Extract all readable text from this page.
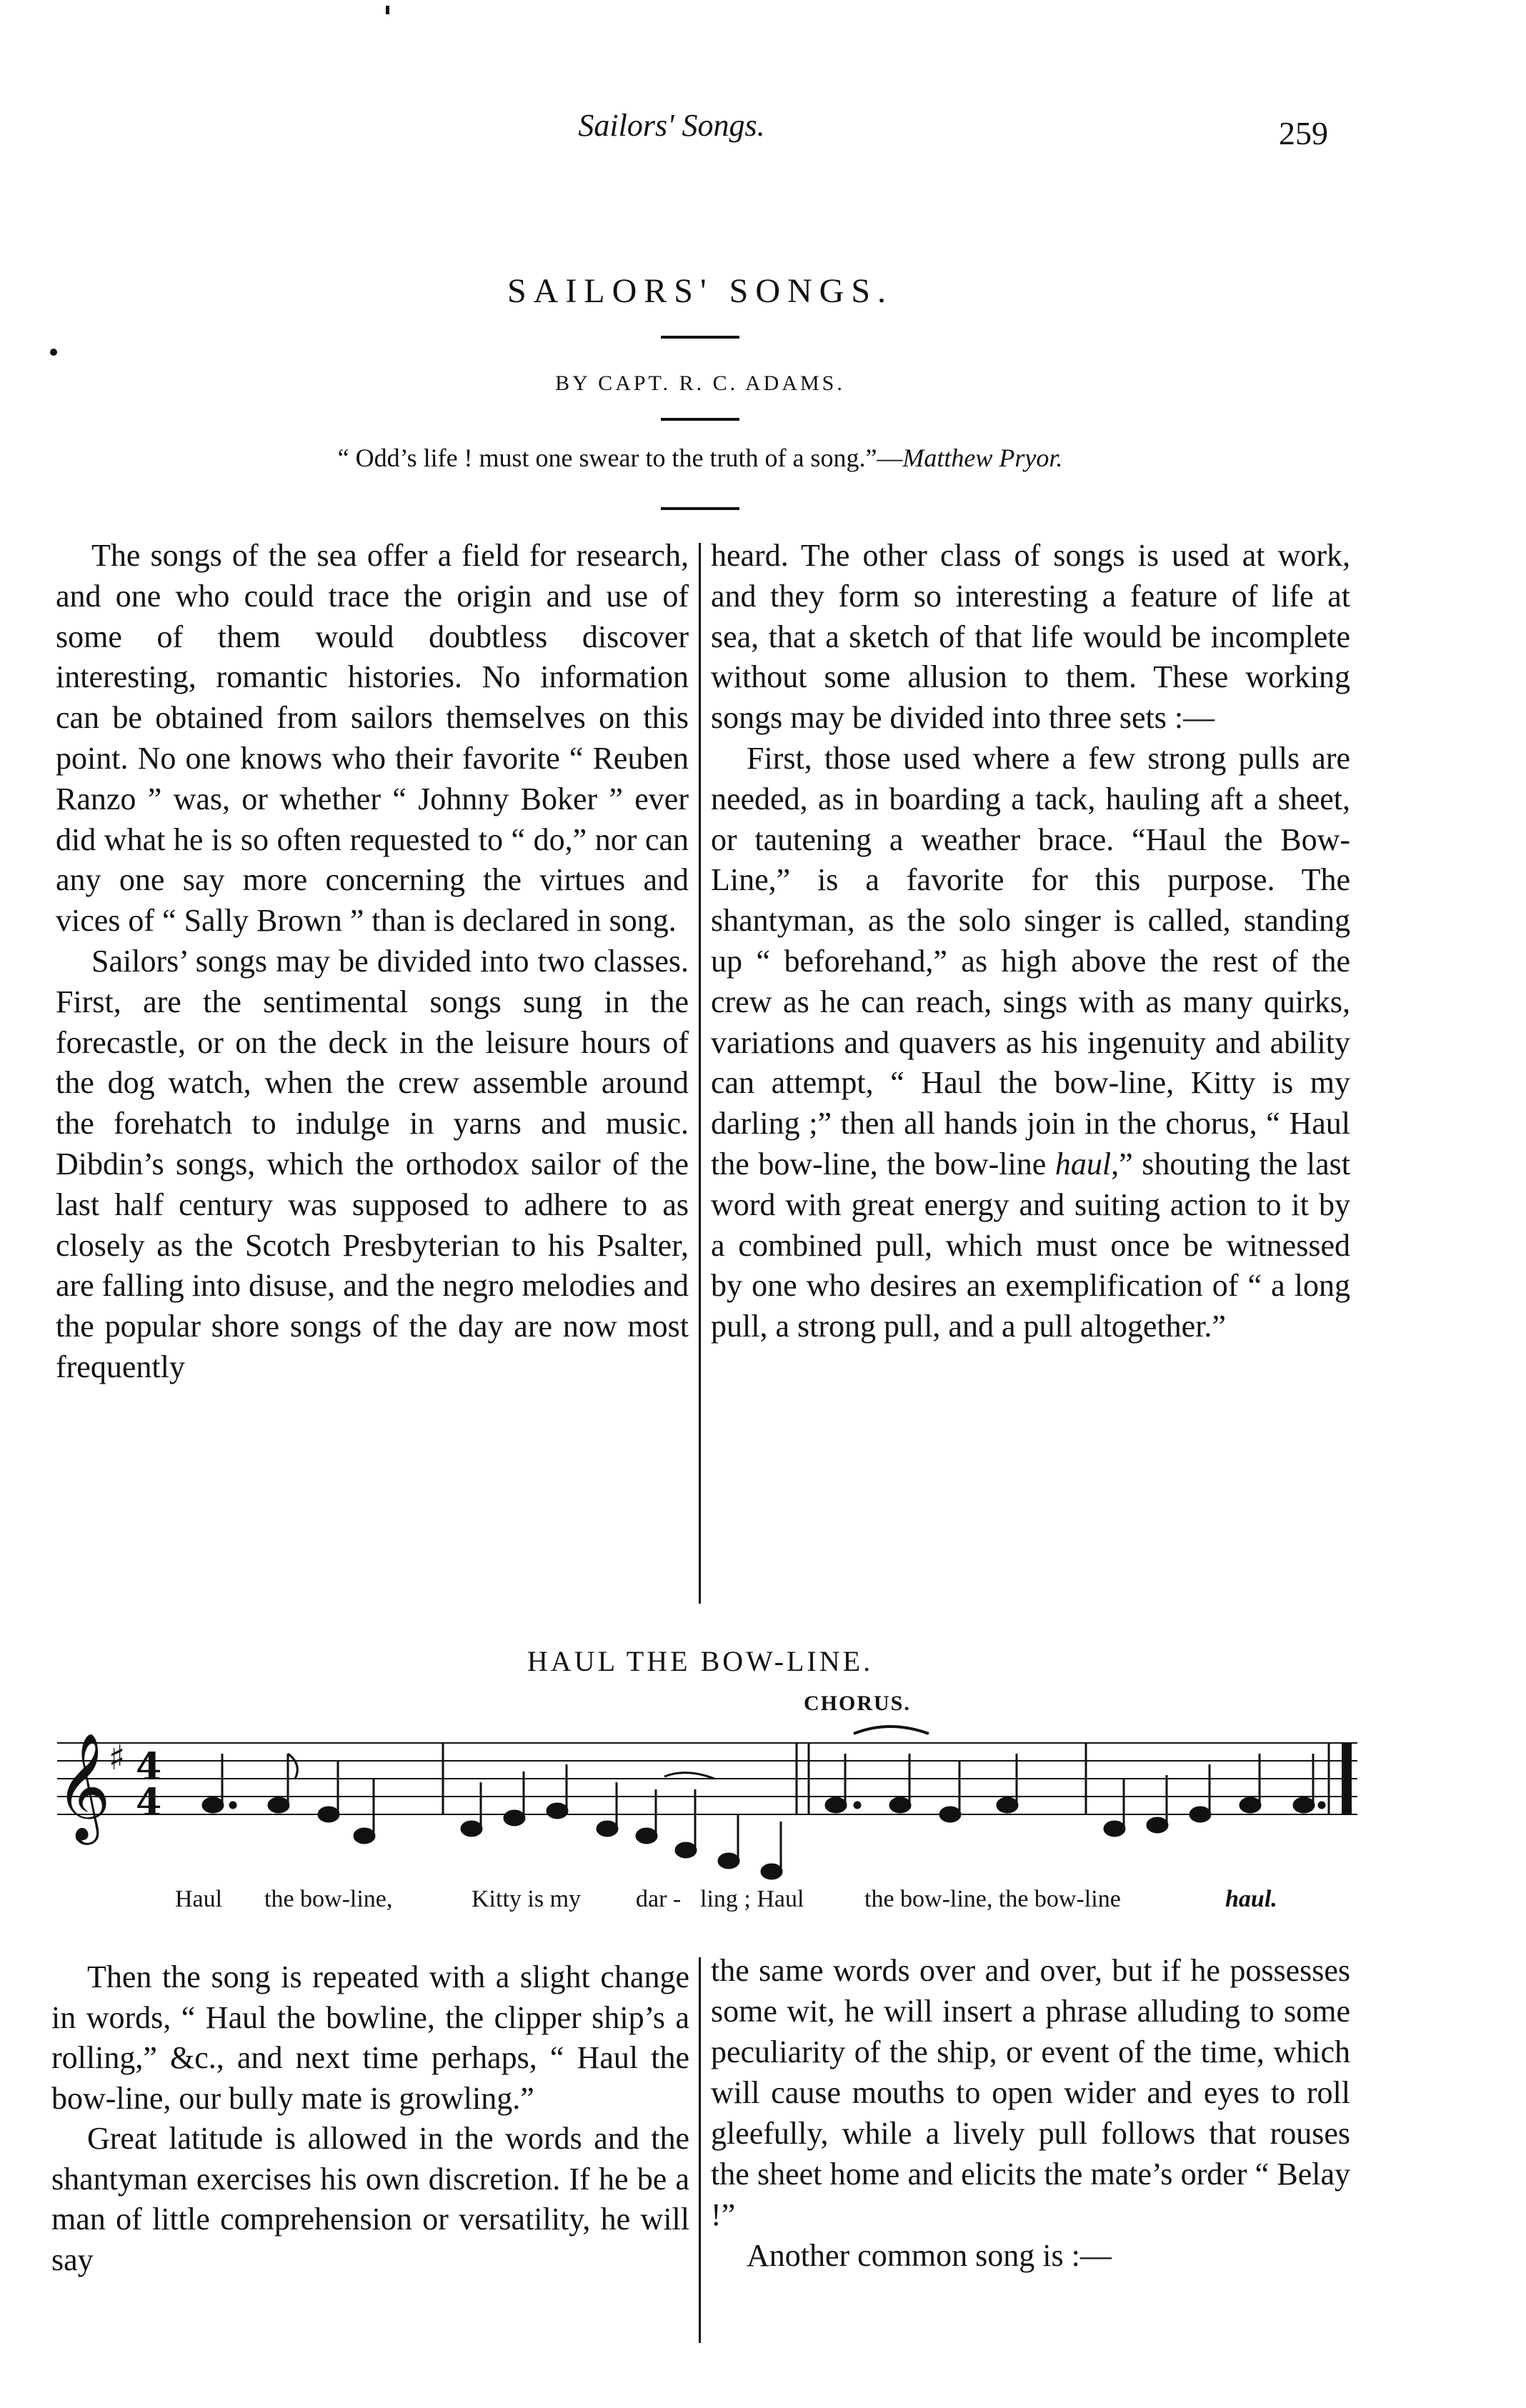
Sailors' Songs.	259
SAILORS' SONGS.
BY CAPT. R. C. ADAMS.
“ Odd’s life ! must one swear to the truth of a song.”—Matthew Pryor.

The songs of the sea offer a field for research, and one who could trace the origin and use of some of them would doubtless discover interesting, romantic histories. No information can be obtained from sailors themselves on this point. No one knows who their favorite “ Reuben Ranzo ” was, or whether “ Johnny Boker ” ever did what he is so often requested to “ do,” nor can any one say more concerning the virtues and vices of “ Sally Brown ” than is declared in song.

Sailors’ songs may be divided into two classes. First, are the sentimental songs sung in the forecastle, or on the deck in the leisure hours of the dog watch, when the crew assemble around the forehatch to indulge in yarns and music. Dibdin’s songs, which the orthodox sailor of the last half century was supposed to adhere to as closely as the Scotch Presbyterian to his Psalter, are falling into disuse, and the negro melodies and the popular shore songs of the day are now most frequently

heard. The other class of songs is used at work, and they form so interesting a feature of life at sea, that a sketch of that life would be incomplete without some allusion to them. These working songs may be divided into three sets :—

First, those used where a few strong pulls are needed, as in boarding a tack, hauling aft a sheet, or tautening a weather brace. “Haul the Bow-Line,” is a favorite for this purpose. The shantyman, as the solo singer is called, standing up “ beforehand,” as high above the rest of the crew as he can reach, sings with as many quirks, variations and quavers as his ingenuity and ability can attempt, “ Haul the bow-line, Kitty is my darling ;” then all hands join in the chorus, “ Haul the bow-line, the bow-line haul,” shouting the last word with great energy and suiting action to it by a combined pull, which must once be witnessed by one who desires an exemplification of “ a long pull, a strong pull, and a pull altogether.”

HAUL THE BOW-LINE.
CHORUS.
𝄞
♯ 4
4
Haul the bow-line,	Kitty is my dar - ling ; Haul the bow-line, the bow-line	haul.

Then the song is repeated with a slight change in words, “ Haul the bowline, the clipper ship’s a rolling,” &c., and next time perhaps, “ Haul the bow-line, our bully mate is growling.”

Great latitude is allowed in the words and the shantyman exercises his own discretion. If he be a man of little comprehension or versatility, he will say

the same words over and over, but if he possesses some wit, he will insert a phrase alluding to some peculiarity of the ship, or event of the time, which will cause mouths to open wider and eyes to roll gleefully, while a lively pull follows that rouses the sheet home and elicits the mate’s order “ Belay !”

Another common song is :—
